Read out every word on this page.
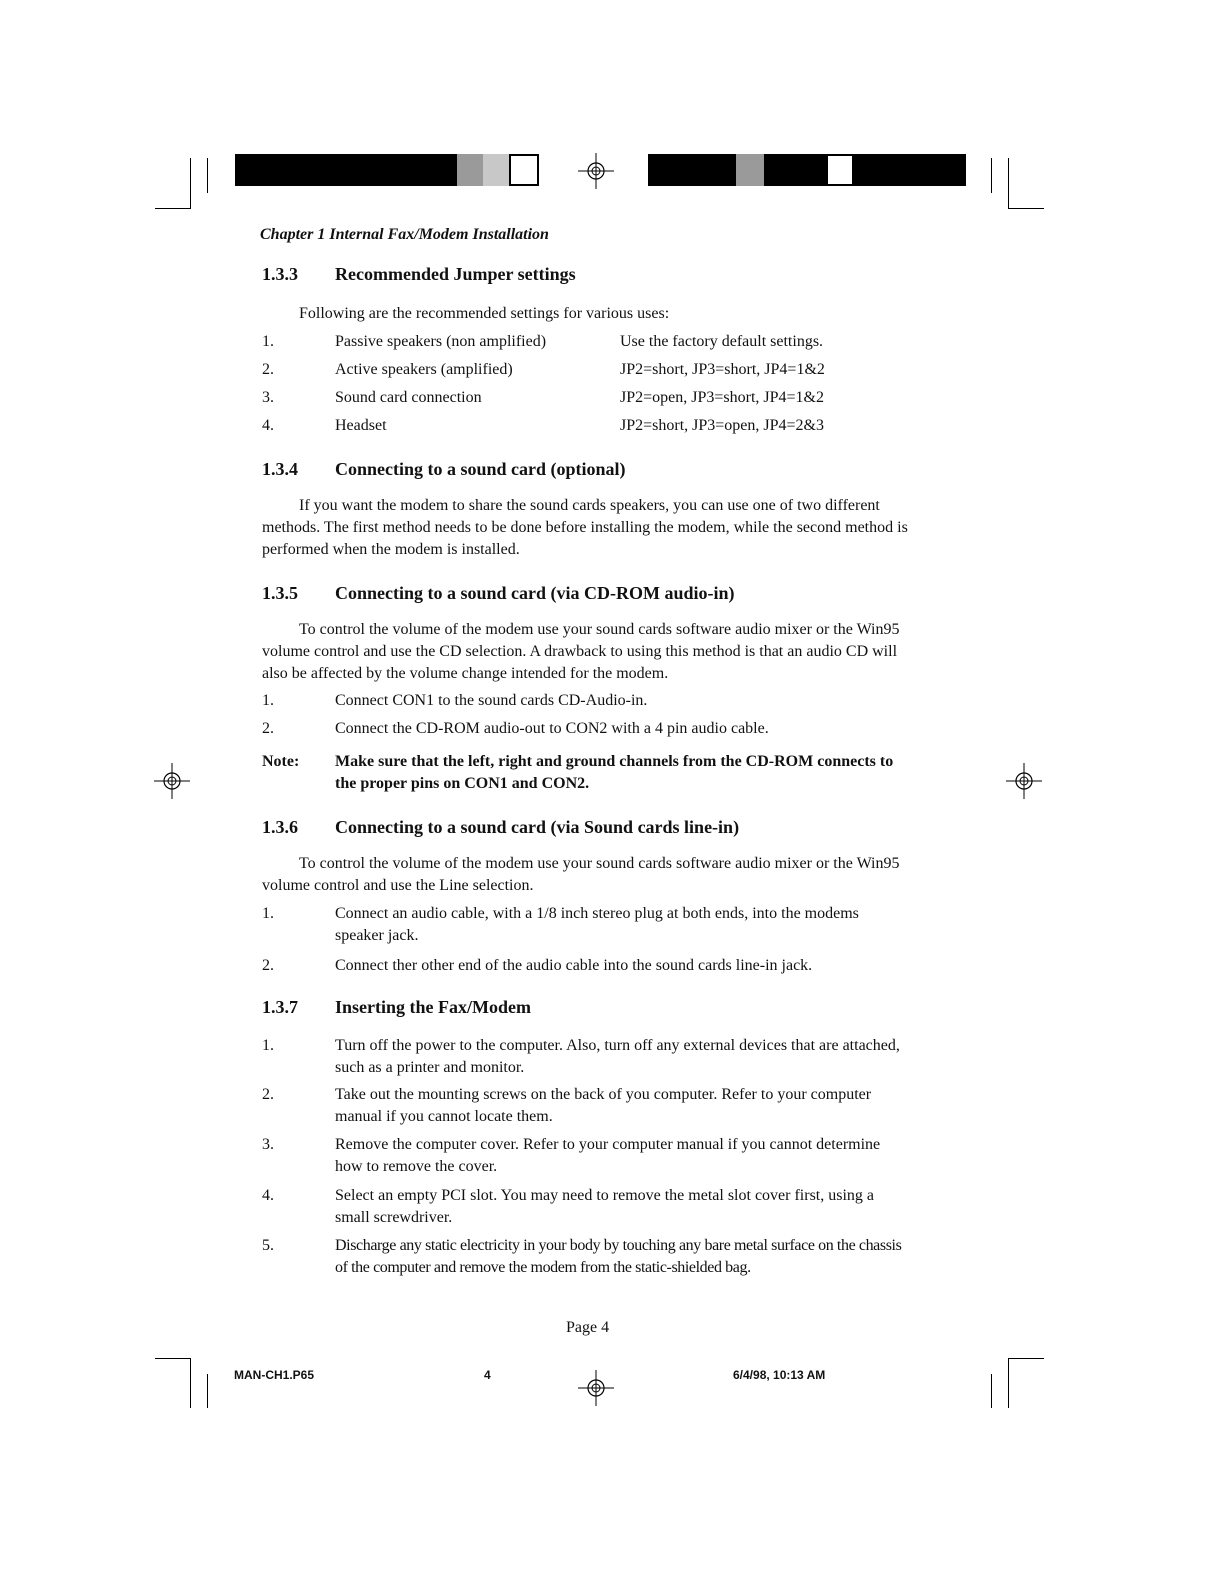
Chapter 1 Internal Fax/Modem Installation
1.3.3 Recommended Jumper settings
Following are the recommended settings for various uses:
1.	Passive speakers (non amplified)	Use the factory default settings.
2.	Active speakers (amplified)	JP2=short, JP3=short, JP4=1&2
3.	Sound card connection	JP2=open, JP3=short, JP4=1&2
4.	Headset	JP2=short, JP3=open, JP4=2&3
1.3.4 Connecting to a sound card (optional)
If you want the modem to share the sound cards speakers, you can use one of two different methods. The first method needs to be done before installing the modem, while the second method is performed when the modem is installed.
1.3.5 Connecting to a sound card (via CD-ROM audio-in)
To control the volume of the modem use your sound cards software audio mixer or the Win95 volume control and use the CD selection. A drawback to using this method is that an audio CD will also be affected by the volume change intended for the modem.
1.	Connect CON1 to the sound cards CD-Audio-in.
2.	Connect the CD-ROM audio-out to CON2 with a 4 pin audio cable.
Note: Make sure that the left, right and ground channels from the CD-ROM connects to the proper pins on CON1 and CON2.
1.3.6 Connecting to a sound card (via Sound cards line-in)
To control the volume of the modem use your sound cards software audio mixer or the Win95 volume control and use the Line selection.
1.	Connect an audio cable, with a 1/8 inch stereo plug at both ends, into the modems speaker jack.
2.	Connect ther other end of the audio cable into the sound cards line-in jack.
1.3.7 Inserting the Fax/Modem
1.	Turn off the power to the computer. Also, turn off any external devices that are attached, such as a printer and monitor.
2.	Take out the mounting screws on the back of you computer. Refer to your computer manual if you cannot locate them.
3.	Remove the computer cover. Refer to your computer manual if you cannot determine how to remove the cover.
4.	Select an empty PCI slot. You may need to remove the metal slot cover first, using a small screwdriver.
5.	Discharge any static electricity in your body by touching any bare metal surface on the chassis of the computer and remove the modem from the static-shielded bag.
Page 4
MAN-CH1.P65	4	6/4/98, 10:13 AM
